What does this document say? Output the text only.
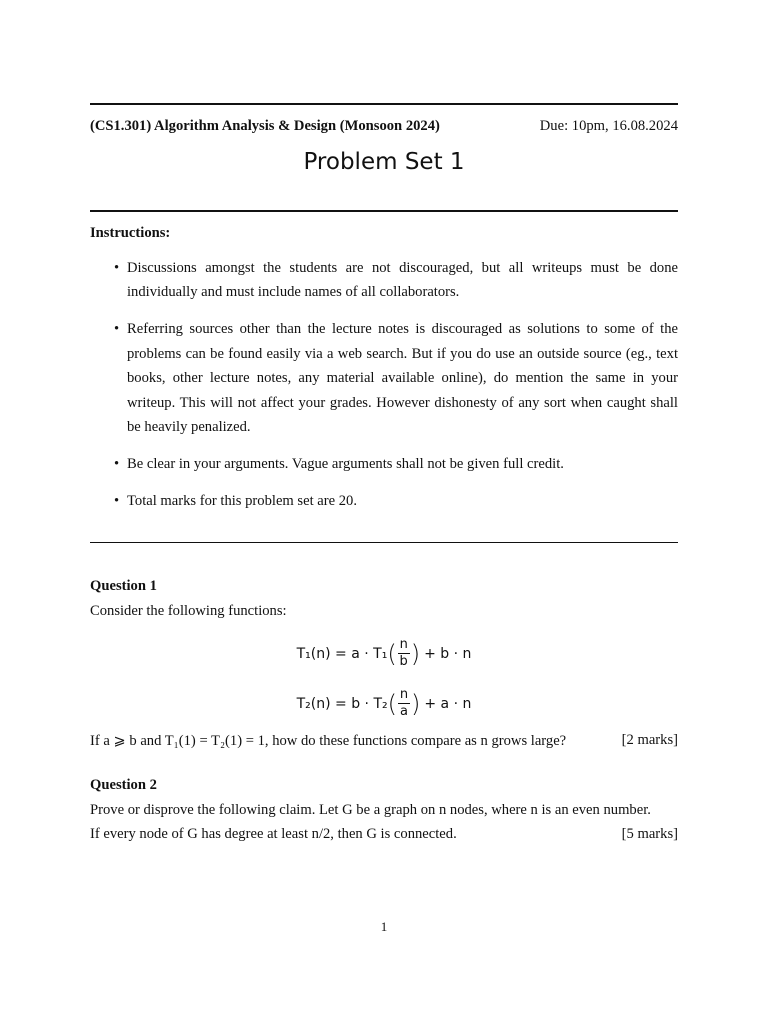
(CS1.301) Algorithm Analysis & Design (Monsoon 2024)	Due: 10pm, 16.08.2024
Problem Set 1
Instructions:
• Discussions amongst the students are not discouraged, but all writeups must be done individually and must include names of all collaborators.
• Referring sources other than the lecture notes is discouraged as solutions to some of the problems can be found easily via a web search. But if you do use an outside source (eg., text books, other lecture notes, any material available online), do mention the same in your writeup. This will not affect your grades. However dishonesty of any sort when caught shall be heavily penalized.
• Be clear in your arguments. Vague arguments shall not be given full credit.
• Total marks for this problem set are 20.
Question 1
Consider the following functions:
T₁(n) = a · T₁ ( $\frac{n}{b}$ ) + b · n
T₂(n) = b · T₂ ( $\frac{n}{a}$ ) + a · n
If a ⩾ b and T₁(1) = T₂(1) = 1, how do these functions compare as n grows large?	[2 marks]
Question 2
Prove or disprove the following claim. Let G be a graph on n nodes, where n is an even number.
If every node of G has degree at least n/2, then G is connected.	[5 marks]
1
